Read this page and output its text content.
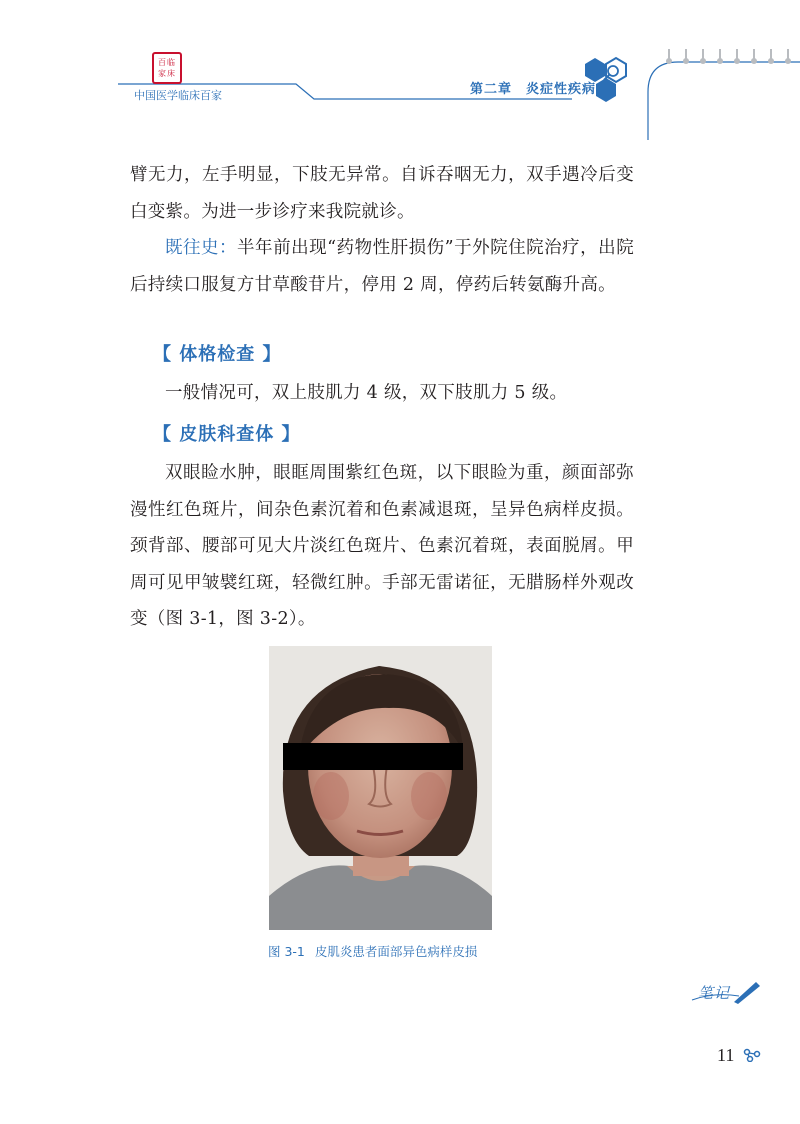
百临
家床
中国医学临床百家	第二章 炎症性疾病
臂无力，左手明显，下肢无异常。自诉吞咽无力，双手遇冷后变白变紫。为进一步诊疗来我院就诊。
既往史：半年前出现“药物性肝损伤”于外院住院治疗，出院后持续口服复方甘草酸苷片，停用 2 周，停药后转氨酶升高。
【 体格检查 】
一般情况可，双上肢肌力 4 级，双下肢肌力 5 级。
【 皮肤科查体 】
双眼睑水肿，眼眶周围紫红色斑，以下眼睑为重，颜面部弥漫性红色斑片，间杂色素沉着和色素减退斑，呈异色病样皮损。颈背部、腰部可见大片淡红色斑片、色素沉着斑，表面脱屑。甲周可见甲皱襞红斑，轻微红肿。手部无雷诺征，无腊肠样外观改变（图 3-1，图 3-2）。
图 3-1 皮肌炎患者面部异色病样皮损
笔记
11
